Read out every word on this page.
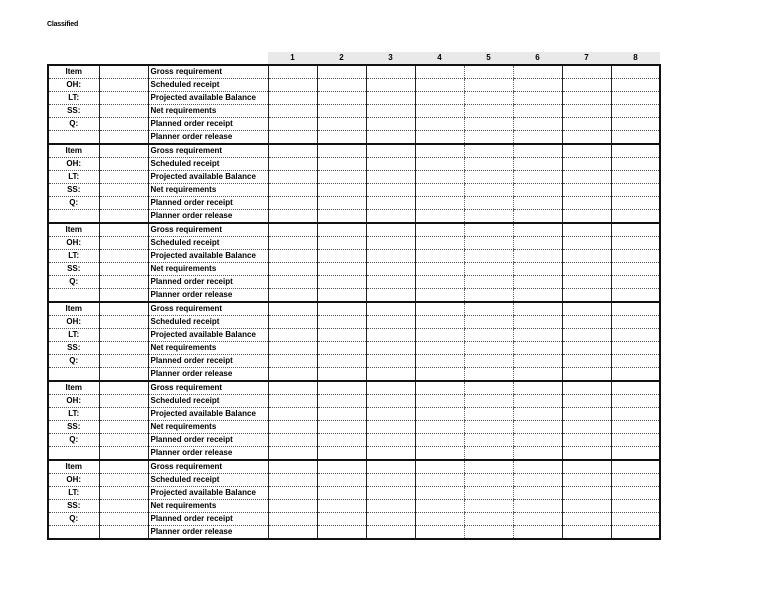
Classified
			1	2	3	4	5	6	7	8
Item		Gross requirement								
OH:		Scheduled receipt								
LT:		Projected available Balance								
SS:		Net requirements								
Q:		Planned order receipt								
		Planner order release								
Item		Gross requirement								
OH:		Scheduled receipt								
LT:		Projected available Balance								
SS:		Net requirements								
Q:		Planned order receipt								
		Planner order release								
Item		Gross requirement								
OH:		Scheduled receipt								
LT:		Projected available Balance								
SS:		Net requirements								
Q:		Planned order receipt								
		Planner order release								
Item		Gross requirement								
OH:		Scheduled receipt								
LT:		Projected available Balance								
SS:		Net requirements								
Q:		Planned order receipt								
		Planner order release								
Item		Gross requirement								
OH:		Scheduled receipt								
LT:		Projected available Balance								
SS:		Net requirements								
Q:		Planned order receipt								
		Planner order release								
Item		Gross requirement								
OH:		Scheduled receipt								
LT:		Projected available Balance								
SS:		Net requirements								
Q:		Planned order receipt								
		Planner order release								
